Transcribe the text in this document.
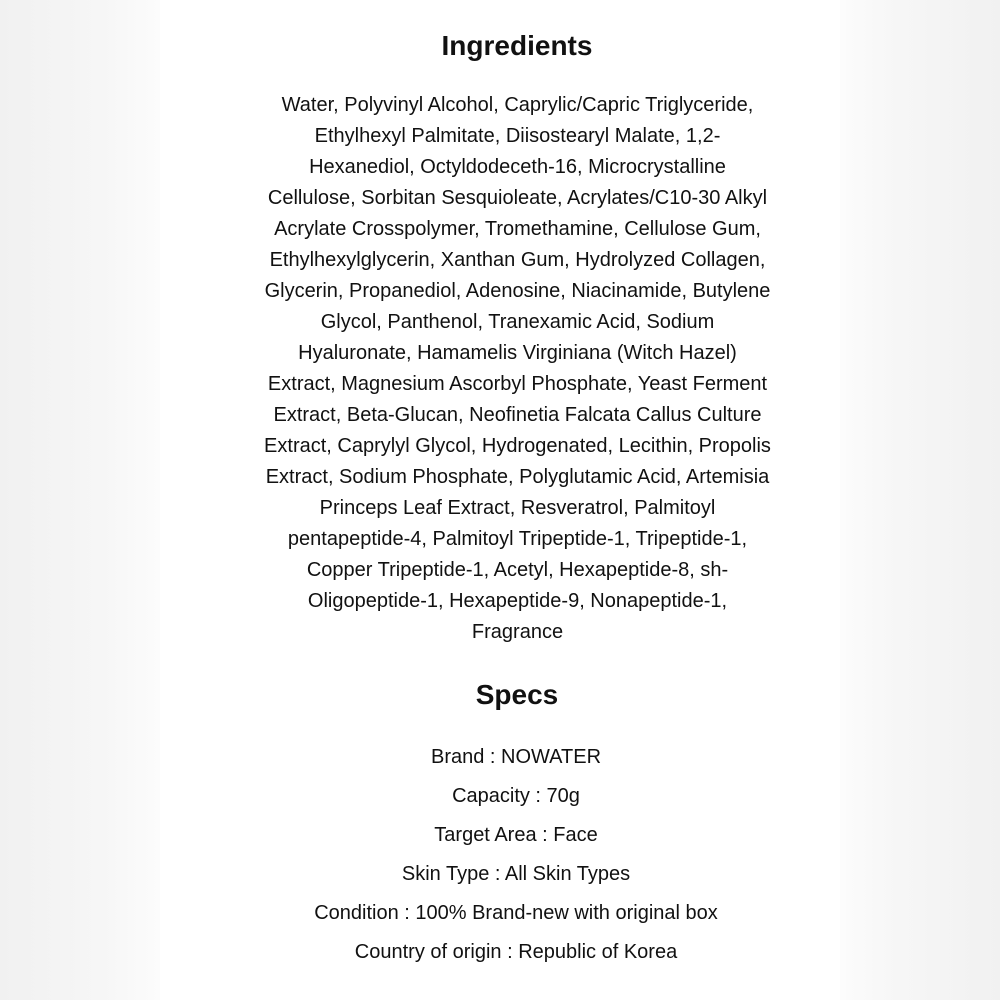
Ingredients
Water, Polyvinyl Alcohol, Caprylic/Capric Triglyceride,
Ethylhexyl Palmitate, Diisostearyl Malate, 1,2-
Hexanediol, Octyldodeceth-16, Microcrystalline
Cellulose, Sorbitan Sesquioleate, Acrylates/C10-30 Alkyl
Acrylate Crosspolymer, Tromethamine, Cellulose Gum,
Ethylhexylglycerin, Xanthan Gum, Hydrolyzed Collagen,
Glycerin, Propanediol, Adenosine, Niacinamide, Butylene
Glycol, Panthenol, Tranexamic Acid, Sodium
Hyaluronate, Hamamelis Virginiana (Witch Hazel)
Extract, Magnesium Ascorbyl Phosphate, Yeast Ferment
Extract, Beta-Glucan, Neofinetia Falcata Callus Culture
Extract, Caprylyl Glycol, Hydrogenated, Lecithin, Propolis
Extract, Sodium Phosphate, Polyglutamic Acid, Artemisia
Princeps Leaf Extract, Resveratrol, Palmitoyl
pentapeptide-4, Palmitoyl Tripeptide-1, Tripeptide-1,
Copper Tripeptide-1, Acetyl, Hexapeptide-8, sh-
Oligopeptide-1, Hexapeptide-9, Nonapeptide-1,
Fragrance
Specs
Brand : NOWATER
Capacity : 70g
Target Area : Face
Skin Type : All Skin Types
Condition : 100% Brand-new with original box
Country of origin : Republic of Korea
